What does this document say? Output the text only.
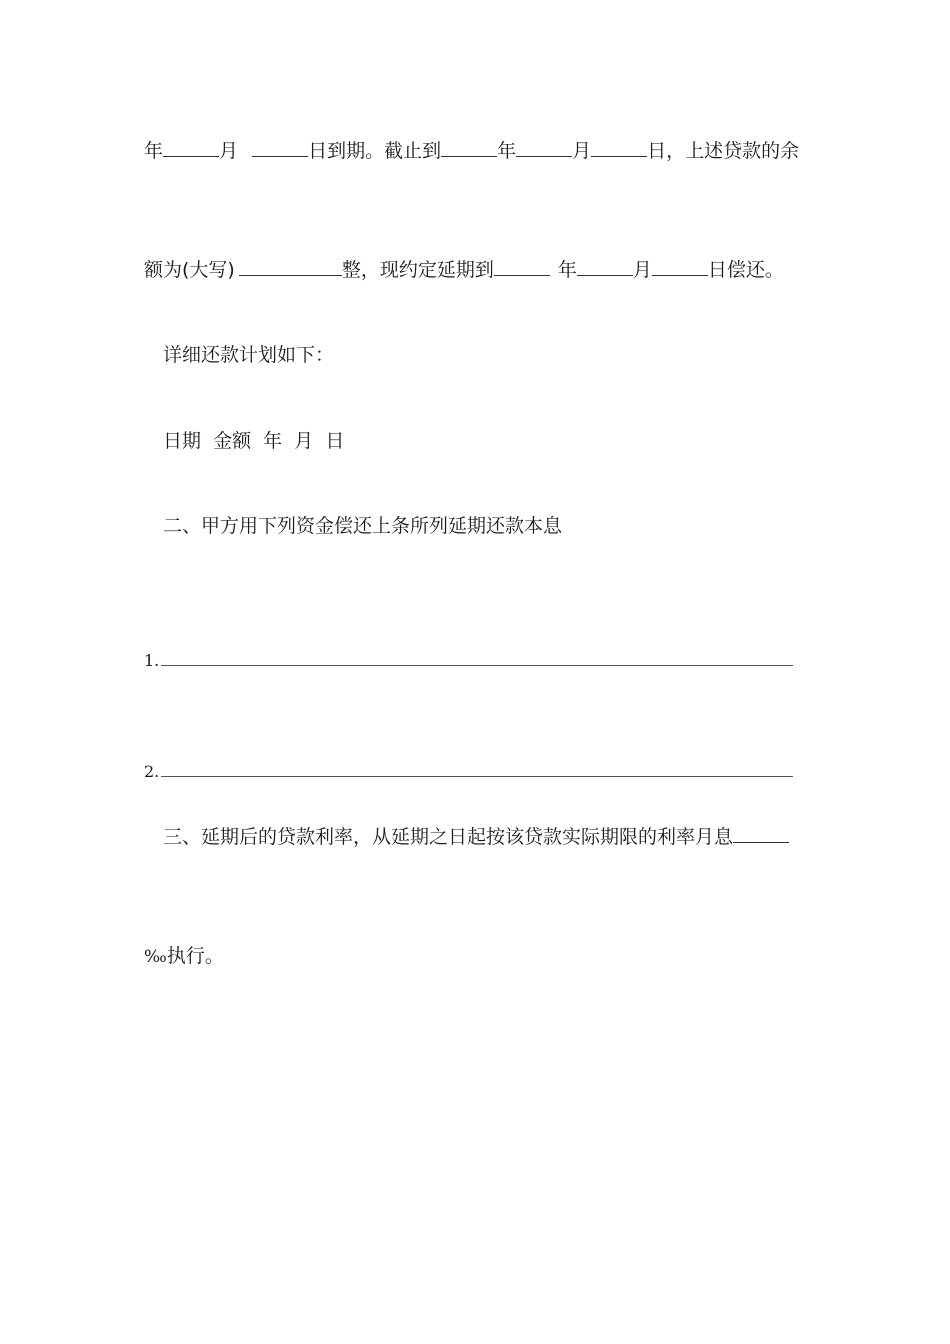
年	月	日到期。截止到	年	月	日，上述贷款的余
额为(大写)	整，现约定延期到	年	月	日偿还。
详细还款计划如下：
日期  金额  年  月  日
二、甲方用下列资金偿还上条所列延期还款本息
1.
2.
三、延期后的贷款利率，从延期之日起按该贷款实际期限的利率月息
‰执行。
